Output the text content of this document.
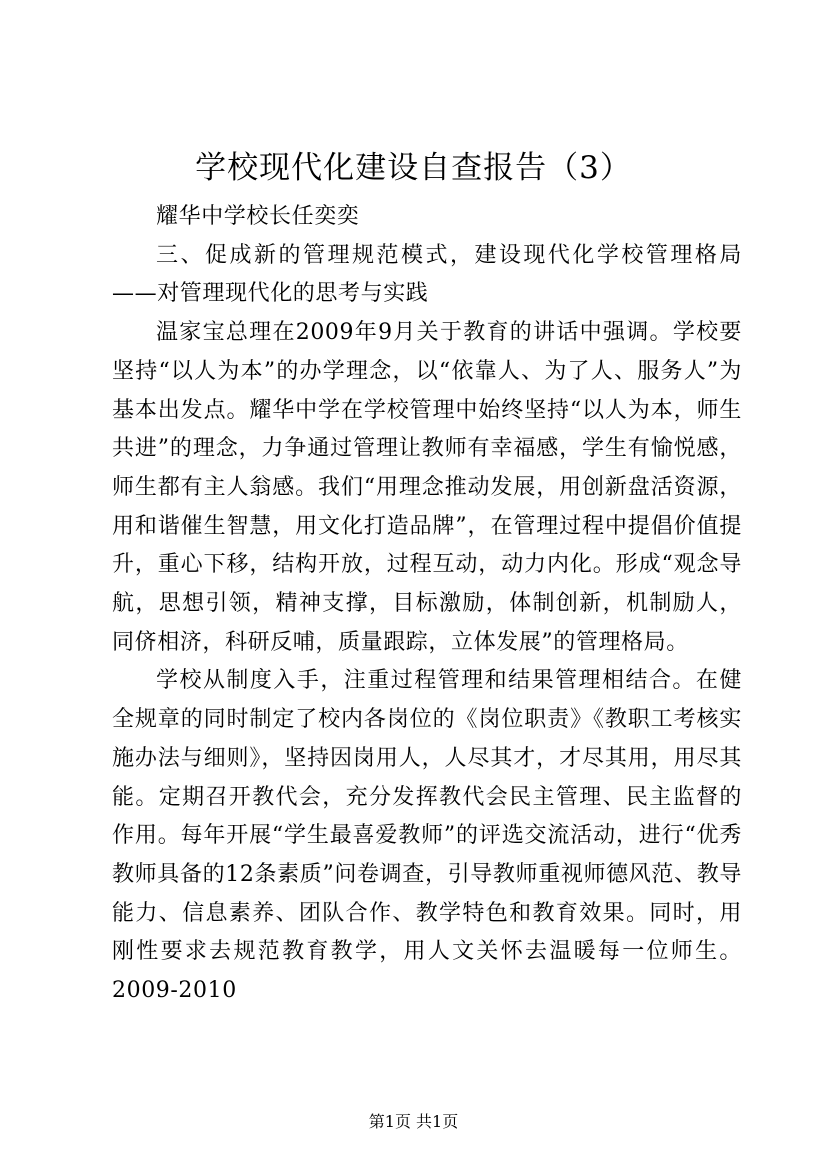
学校现代化建设自查报告（3）

耀华中学校长任奕奕

三、促成新的管理规范模式，建设现代化学校管理格局——对管理现代化的思考与实践

温家宝总理在2009年9月关于教育的讲话中强调。学校要坚持“以人为本”的办学理念，以“依靠人、为了人、服务人”为基本出发点。耀华中学在学校管理中始终坚持“以人为本，师生共进”的理念，力争通过管理让教师有幸福感，学生有愉悦感，师生都有主人翁感。我们“用理念推动发展，用创新盘活资源，用和谐催生智慧，用文化打造品牌”，在管理过程中提倡价值提升，重心下移，结构开放，过程互动，动力内化。形成“观念导航，思想引领，精神支撑，目标激励，体制创新，机制励人，同侪相济，科研反哺，质量跟踪，立体发展”的管理格局。

学校从制度入手，注重过程管理和结果管理相结合。在健全规章的同时制定了校内各岗位的《岗位职责》《教职工考核实施办法与细则》，坚持因岗用人，人尽其才，才尽其用，用尽其能。定期召开教代会，充分发挥教代会民主管理、民主监督的作用。每年开展“学生最喜爱教师”的评选交流活动，进行“优秀教师具备的12条素质”问卷调查，引导教师重视师德风范、教导能力、信息素养、团队合作、教学特色和教育效果。同时，用刚性要求去规范教育教学，用人文关怀去温暖每一位师生。2009-2010

第1页 共1页
